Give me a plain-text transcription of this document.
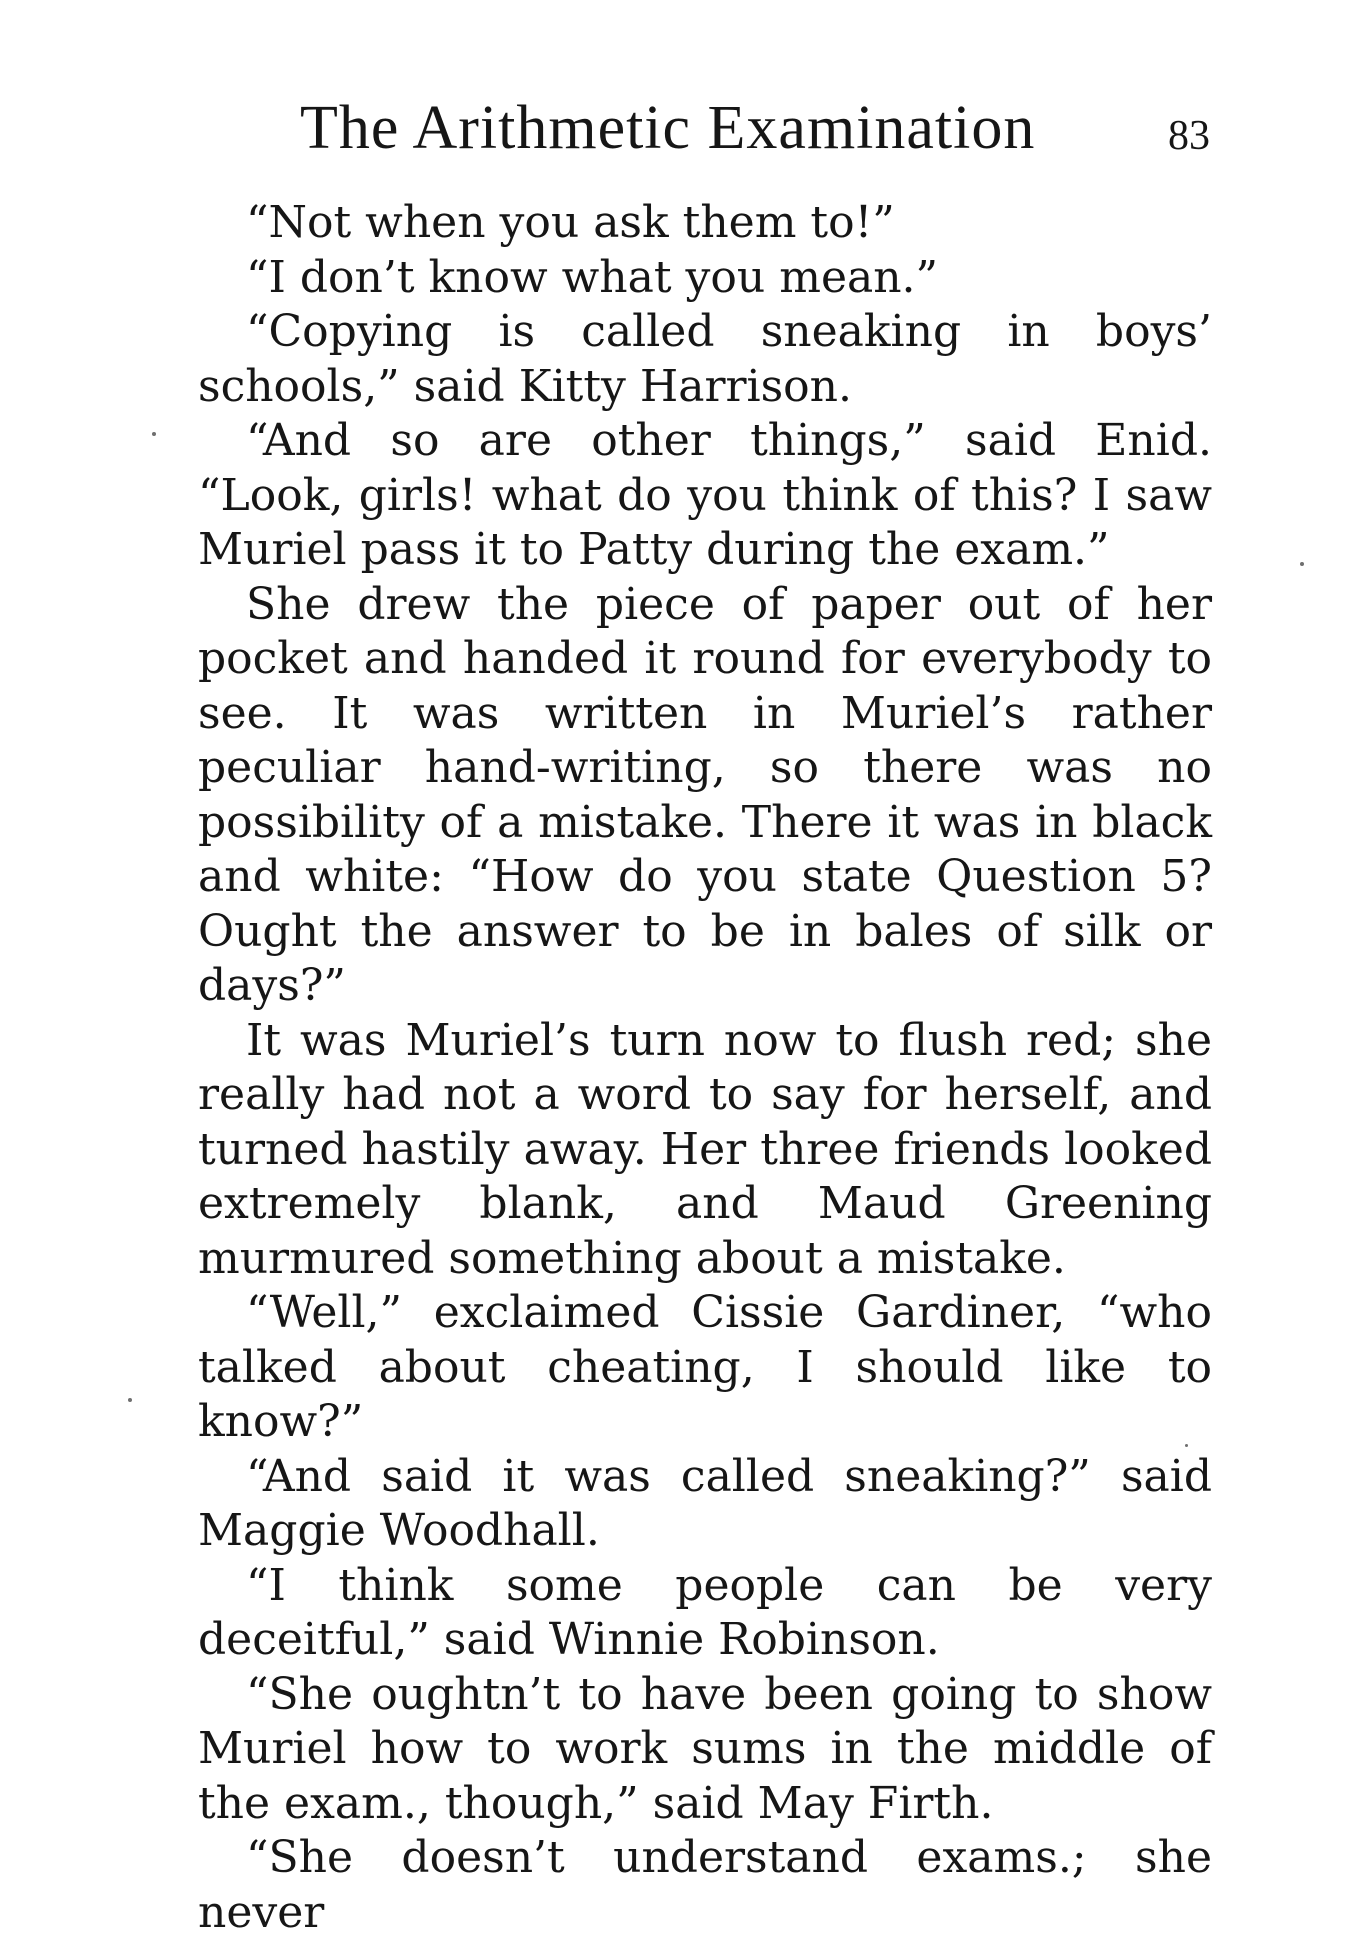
The Arithmetic Examination	83

“Not when you ask them to!”

“I don’t know what you mean.”

“Copying is called sneaking in boys’ schools,” said Kitty Harrison.

“And so are other things,” said Enid. “Look, girls! what do you think of this? I saw Muriel pass it to Patty during the exam.”

She drew the piece of paper out of her pocket and handed it round for everybody to see. It was written in Muriel’s rather peculiar hand-writing, so there was no possibility of a mistake. There it was in black and white: “How do you state Question 5? Ought the answer to be in bales of silk or days?”

It was Muriel’s turn now to flush red; she really had not a word to say for herself, and turned hastily away. Her three friends looked extremely blank, and Maud Greening murmured something about a mistake.

“Well,” exclaimed Cissie Gardiner, “who talked about cheating, I should like to know?”

“And said it was called sneaking?” said Maggie Woodhall.

“I think some people can be very deceitful,” said Winnie Robinson.

“She oughtn’t to have been going to show Muriel how to work sums in the middle of the exam., though,” said May Firth.

“She doesn’t understand exams.; she never
